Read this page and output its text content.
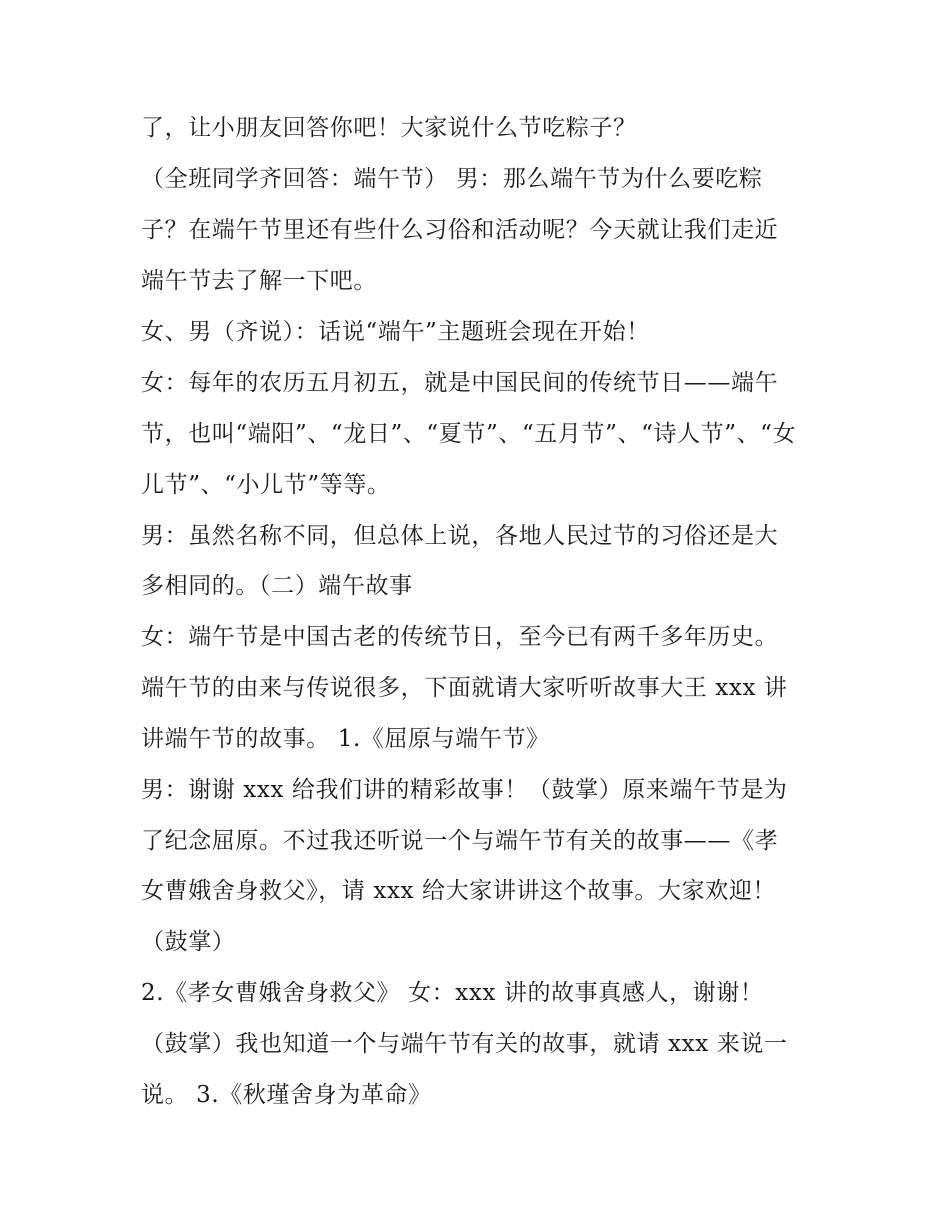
了，让小朋友回答你吧！大家说什么节吃粽子？
（全班同学齐回答：端午节） 男：那么端午节为什么要吃粽
子？在端午节里还有些什么习俗和活动呢？今天就让我们走近
端午节去了解一下吧。
女、男（齐说）：话说“端午”主题班会现在开始！
女：每年的农历五月初五，就是中国民间的传统节日——端午
节，也叫“端阳”、“龙日”、“夏节”、“五月节”、“诗人节”、“女
儿节”、“小儿节”等等。
男：虽然名称不同，但总体上说，各地人民过节的习俗还是大
多相同的。（二）端午故事
女：端午节是中国古老的传统节日，至今已有两千多年历史。
端午节的由来与传说很多，下面就请大家听听故事大王 xxx 讲
讲端午节的故事。 1.《屈原与端午节》
男：谢谢 xxx 给我们讲的精彩故事！（鼓掌）原来端午节是为
了纪念屈原。不过我还听说一个与端午节有关的故事——《孝
女曹娥舍身救父》，请 xxx 给大家讲讲这个故事。大家欢迎！
（鼓掌）
2.《孝女曹娥舍身救父》 女：xxx 讲的故事真感人，谢谢！
（鼓掌）我也知道一个与端午节有关的故事，就请 xxx 来说一
说。 3.《秋瑾舍身为革命》
